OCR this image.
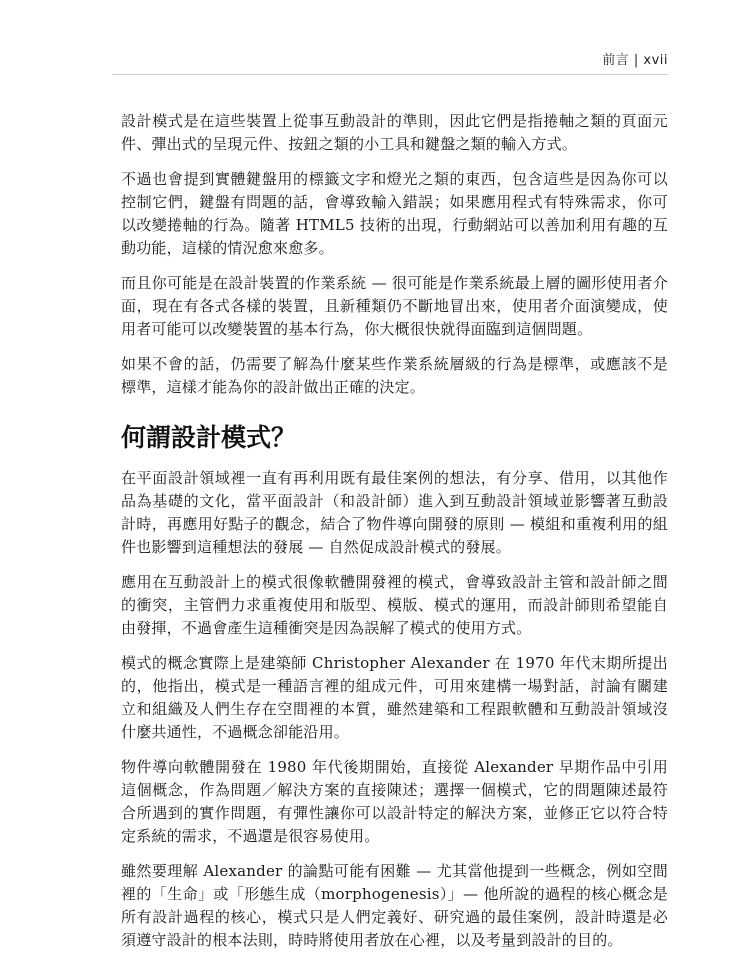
前言 | xvii

設計模式是在這些裝置上從事互動設計的準則，因此它們是指捲軸之類的頁面元件、彈出式的呈現元件、按鈕之類的小工具和鍵盤之類的輸入方式。

不過也會提到實體鍵盤用的標籤文字和燈光之類的東西，包含這些是因為你可以控制它們，鍵盤有問題的話，會導致輸入錯誤；如果應用程式有特殊需求，你可以改變捲軸的行為。隨著 HTML5 技術的出現，行動網站可以善加利用有趣的互動功能，這樣的情況愈來愈多。

而且你可能是在設計裝置的作業系統 — 很可能是作業系統最上層的圖形使用者介面，現在有各式各樣的裝置，且新種類仍不斷地冒出來，使用者介面演變成，使用者可能可以改變裝置的基本行為，你大概很快就得面臨到這個問題。

如果不會的話，仍需要了解為什麼某些作業系統層級的行為是標準，或應該不是標準，這樣才能為你的設計做出正確的決定。

何謂設計模式？

在平面設計領域裡一直有再利用既有最佳案例的想法，有分享、借用，以其他作品為基礎的文化，當平面設計（和設計師）進入到互動設計領域並影響著互動設計時，再應用好點子的觀念，結合了物件導向開發的原則 — 模組和重複利用的組件也影響到這種想法的發展 — 自然促成設計模式的發展。

應用在互動設計上的模式很像軟體開發裡的模式，會導致設計主管和設計師之間的衝突，主管們力求重複使用和版型、模版、模式的運用，而設計師則希望能自由發揮，不過會產生這種衝突是因為誤解了模式的使用方式。

模式的概念實際上是建築師 Christopher Alexander 在 1970 年代末期所提出的，他指出，模式是一種語言裡的組成元件，可用來建構一場對話，討論有關建立和組織及人們生存在空間裡的本質，雖然建築和工程跟軟體和互動設計領域沒什麼共通性，不過概念卻能沿用。

物件導向軟體開發在 1980 年代後期開始，直接從 Alexander 早期作品中引用這個概念，作為問題／解決方案的直接陳述；選擇一個模式，它的問題陳述最符合所遇到的實作問題，有彈性讓你可以設計特定的解決方案，並修正它以符合特定系統的需求，不過還是很容易使用。

雖然要理解 Alexander 的論點可能有困難 — 尤其當他提到一些概念，例如空間裡的「生命」或「形態生成（morphogenesis）」— 他所說的過程的核心概念是所有設計過程的核心，模式只是人們定義好、研究過的最佳案例，設計時還是必須遵守設計的根本法則，時時將使用者放在心裡，以及考量到設計的目的。
